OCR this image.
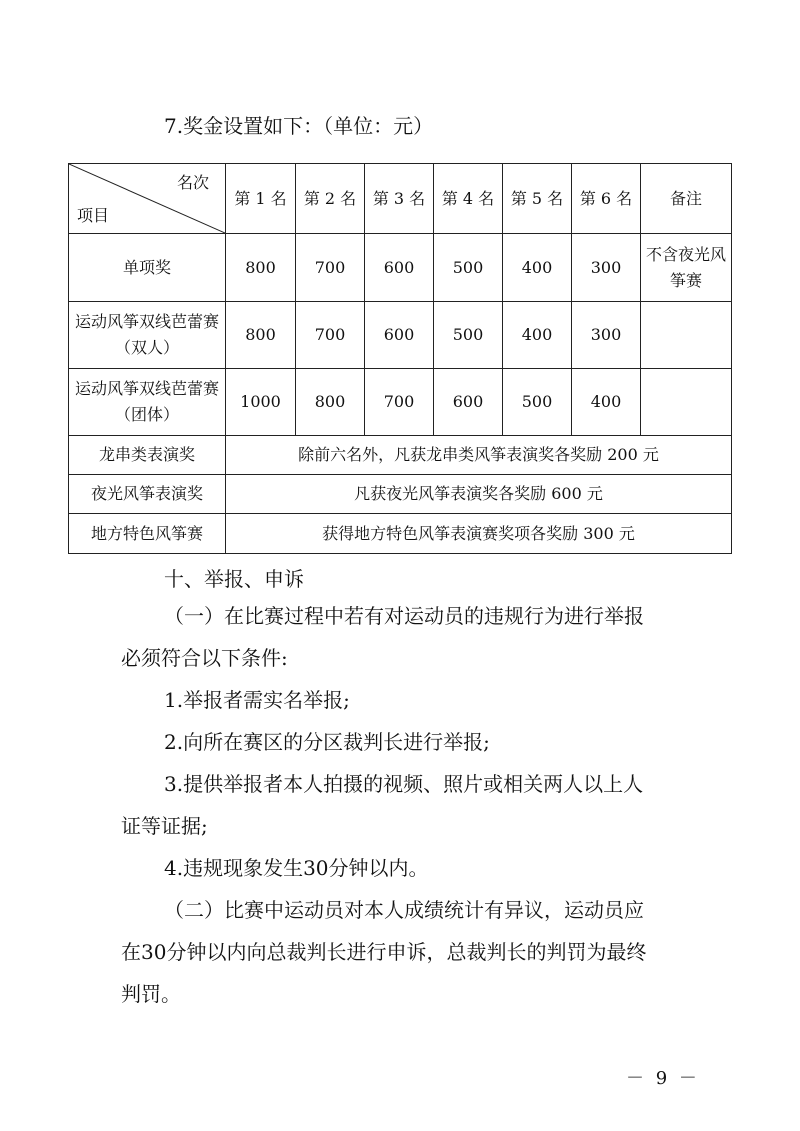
7.奖金设置如下：（单位：元）
名次
项目	第 1 名	第 2 名	第 3 名	第 4 名	第 5 名	第 6 名	备注
单项奖	800	700	600	500	400	300	不含夜光风筝赛
运动风筝双线芭蕾赛（双人）	800	700	600	500	400	300	
运动风筝双线芭蕾赛（团体）	1000	800	700	600	500	400	
龙串类表演奖	除前六名外，凡获龙串类风筝表演奖各奖励 200 元						
夜光风筝表演奖	凡获夜光风筝表演奖各奖励 600 元						
地方特色风筝赛	获得地方特色风筝表演赛奖项各奖励 300 元						
十、举报、申诉
（一）在比赛过程中若有对运动员的违规行为进行举报
必须符合以下条件:
1.举报者需实名举报;
2.向所在赛区的分区裁判长进行举报;
3.提供举报者本人拍摄的视频、照片或相关两人以上人
证等证据;
4.违规现象发生30分钟以内。
（二）比赛中运动员对本人成绩统计有异议，运动员应
在30分钟以内向总裁判长进行申诉，总裁判长的判罚为最终
判罚。
－ 9 －
